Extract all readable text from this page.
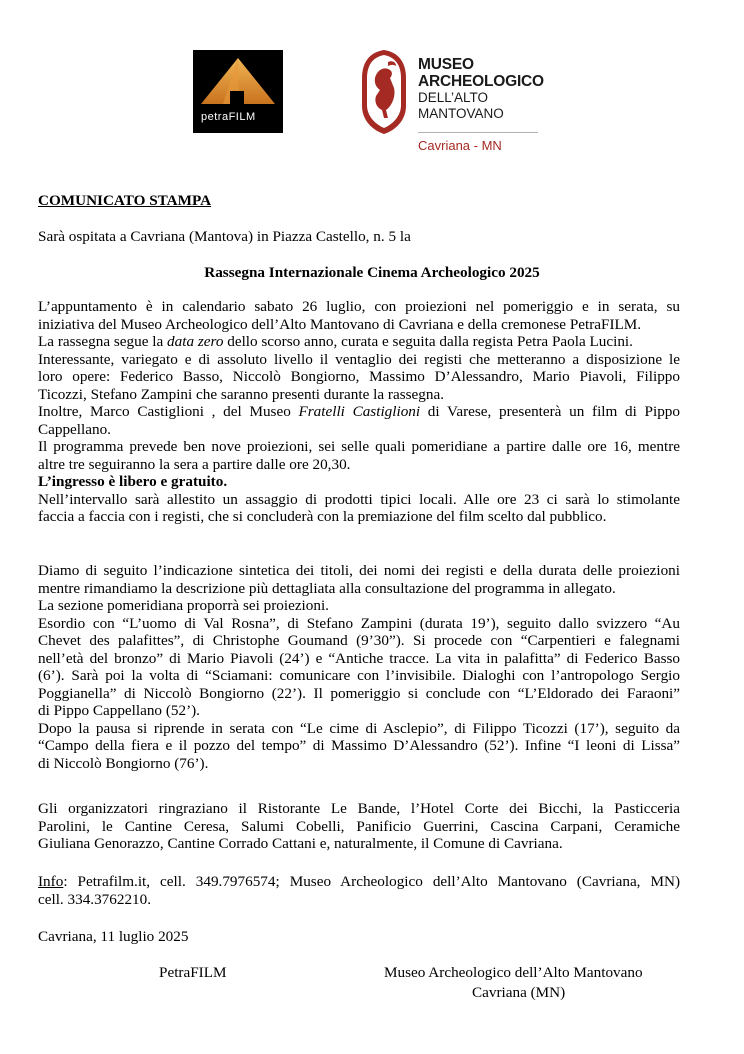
petraFILM
MUSEO
ARCHEOLOGICO
DELL’ALTO
MANTOVANO
Cavriana - MN
COMUNICATO STAMPA
Sarà ospitata a Cavriana (Mantova) in Piazza Castello, n. 5 la
Rassegna Internazionale Cinema Archeologico 2025
L’appuntamento è in calendario sabato 26 luglio, con proiezioni nel pomeriggio e in serata, su
iniziativa del Museo Archeologico dell’Alto Mantovano di Cavriana e della cremonese PetraFILM.
La rassegna segue la data zero dello scorso anno, curata e seguita dalla regista Petra Paola Lucini.
Interessante, variegato e di assoluto livello il ventaglio dei registi che metteranno a disposizione le
loro opere: Federico Basso, Niccolò Bongiorno, Massimo D’Alessandro, Mario Piavoli, Filippo
Ticozzi, Stefano Zampini che saranno presenti durante la rassegna.
Inoltre, Marco Castiglioni , del Museo Fratelli Castiglioni di Varese, presenterà un film di Pippo
Cappellano.
Il programma prevede ben nove proiezioni, sei selle quali pomeridiane a partire dalle ore 16, mentre
altre tre seguiranno la sera a partire dalle ore 20,30.
L’ingresso è libero e gratuito.
Nell’intervallo sarà allestito un assaggio di prodotti tipici locali. Alle ore 23 ci sarà lo stimolante
faccia a faccia con i registi, che si concluderà con la premiazione del film scelto dal pubblico.
Diamo di seguito l’indicazione sintetica dei titoli, dei nomi dei registi e della durata delle proiezioni
mentre rimandiamo la descrizione più dettagliata alla consultazione del programma in allegato.
La sezione pomeridiana proporrà sei proiezioni.
Esordio con “L’uomo di Val Rosna”, di Stefano Zampini (durata 19’), seguito dallo svizzero “Au
Chevet des palafittes”, di Christophe Goumand (9’30”). Si procede con “Carpentieri e falegnami
nell’età del bronzo” di Mario Piavoli (24’) e “Antiche tracce. La vita in palafitta” di Federico Basso
(6’). Sarà poi la volta di “Sciamani: comunicare con l’invisibile. Dialoghi con l’antropologo Sergio
Poggianella” di Niccolò Bongiorno (22’). Il pomeriggio si conclude con “L’Eldorado dei Faraoni”
di Pippo Cappellano (52’).
Dopo la pausa si riprende in serata con “Le cime di Asclepio”, di Filippo Ticozzi (17’), seguito da
“Campo della fiera e il pozzo del tempo” di Massimo D’Alessandro (52’). Infine “I leoni di Lissa”
di Niccolò Bongiorno (76’).
Gli organizzatori ringraziano il Ristorante Le Bande, l’Hotel Corte dei Bicchi, la Pasticceria
Parolini, le Cantine Ceresa, Salumi Cobelli, Panificio Guerrini, Cascina Carpani, Ceramiche
Giuliana Genorazzo, Cantine Corrado Cattani e, naturalmente, il Comune di Cavriana.
Info: Petrafilm.it, cell. 349.7976574; Museo Archeologico dell’Alto Mantovano (Cavriana, MN)
cell. 334.3762210.
Cavriana, 11 luglio 2025
PetraFILM	Museo Archeologico dell’Alto Mantovano
Cavriana (MN)
